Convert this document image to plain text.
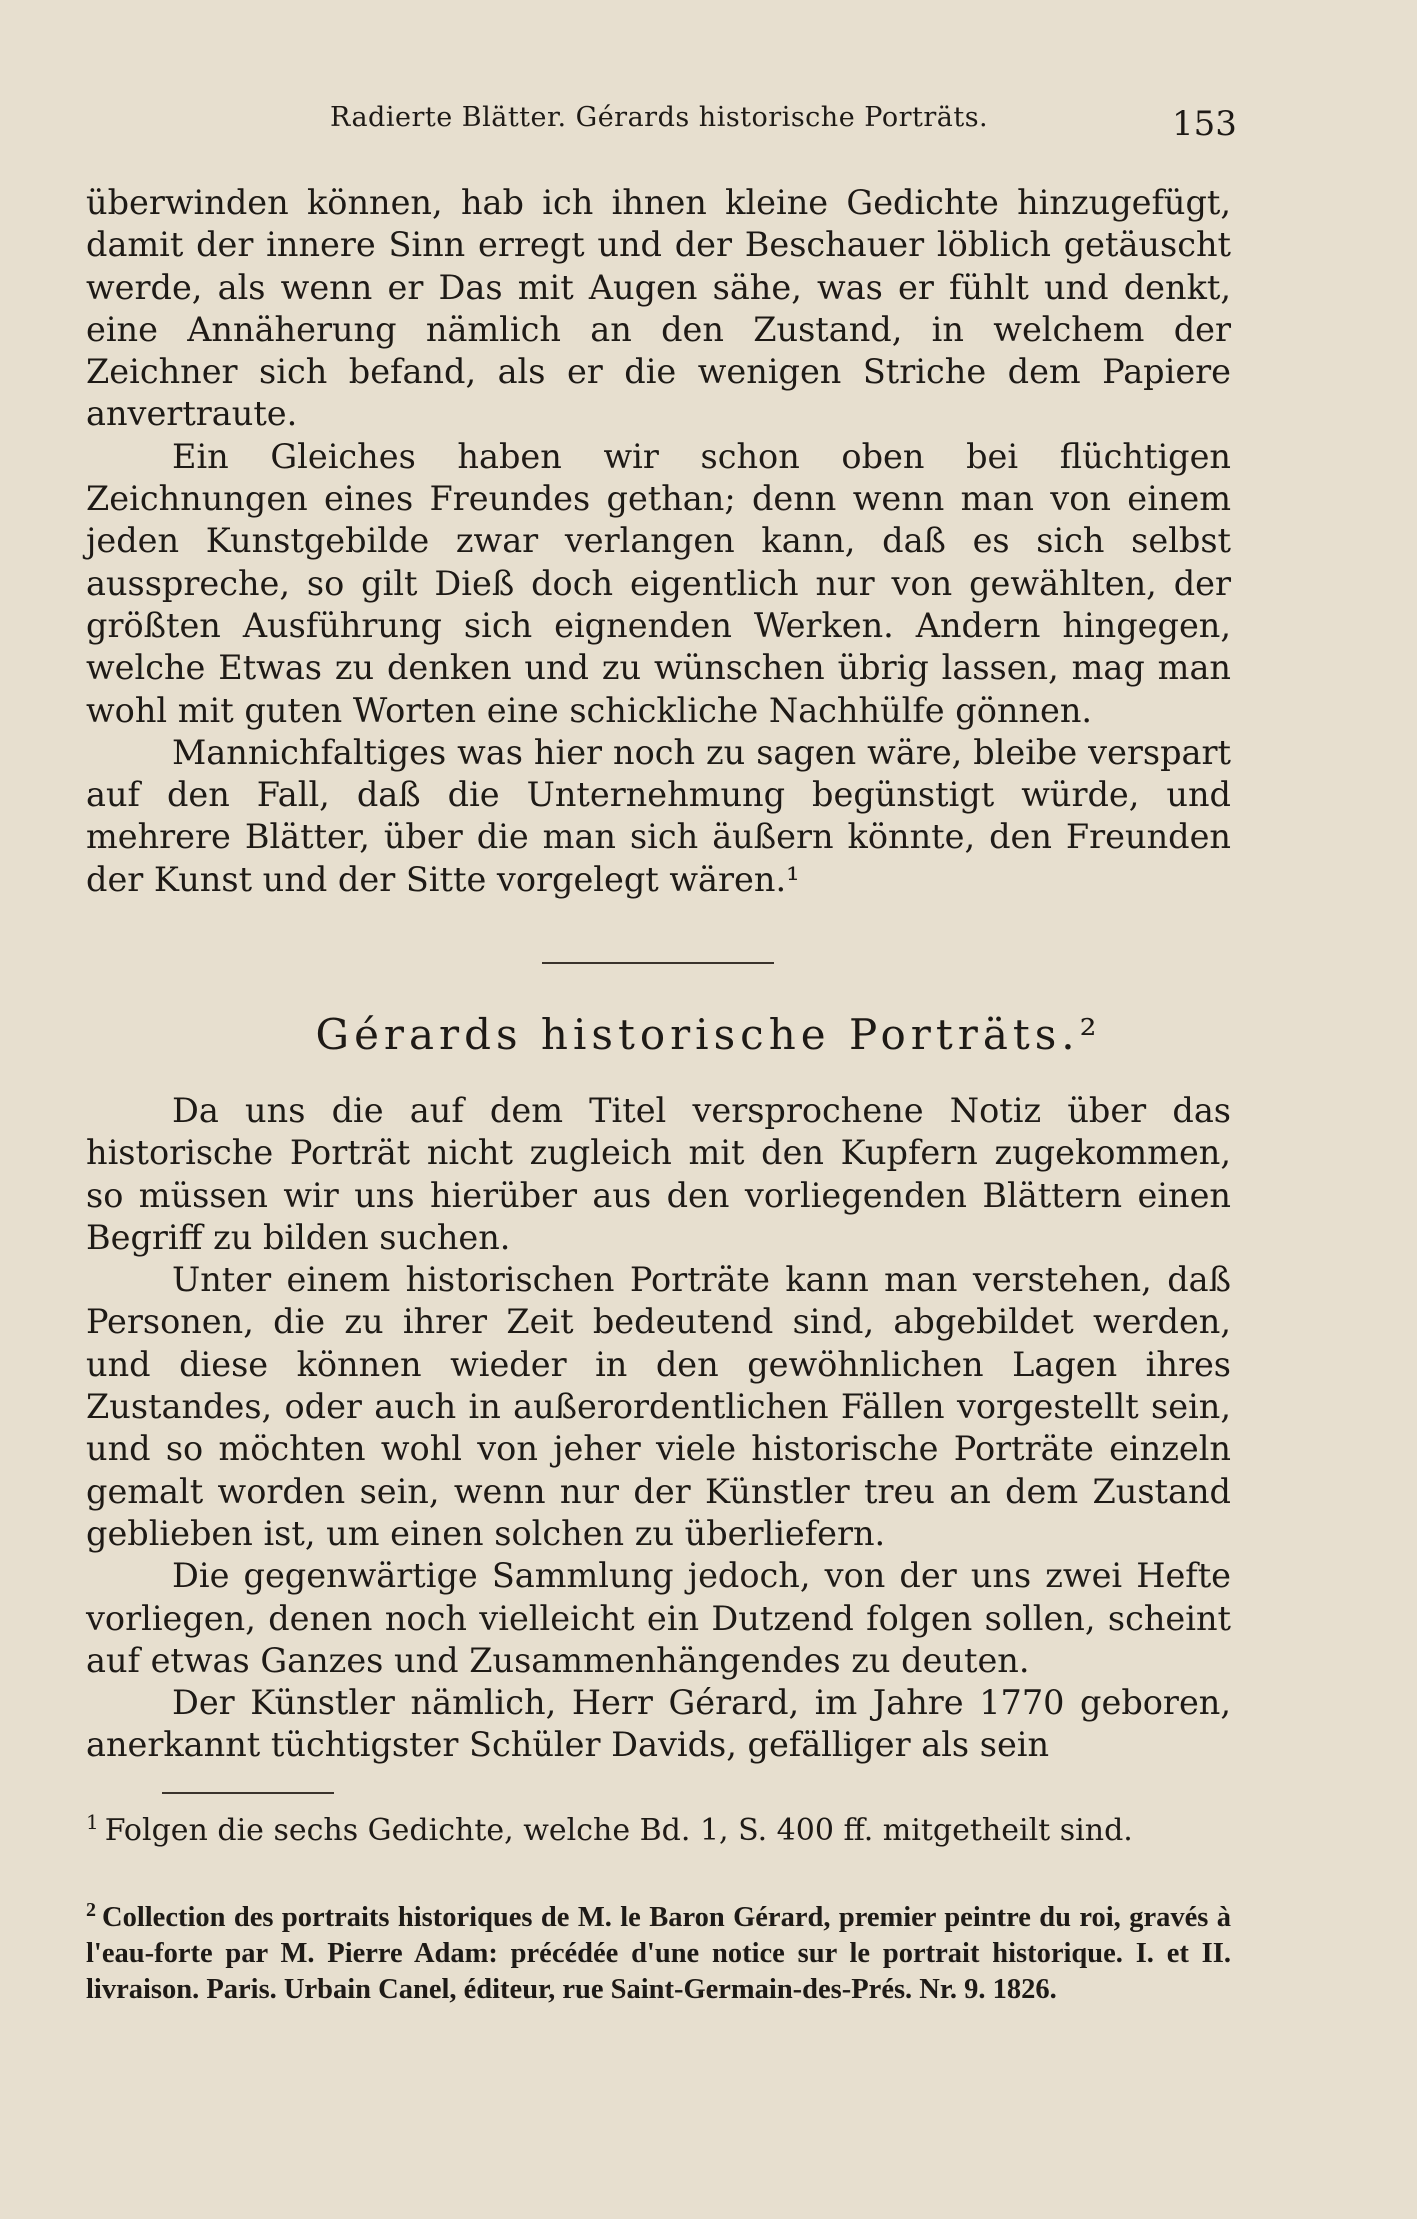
Radierte Blätter. Gérards historische Porträts.	153

überwinden können, hab ich ihnen kleine Gedichte hinzugefügt, damit der innere Sinn erregt und der Beschauer löblich getäuscht werde, als wenn er Das mit Augen sähe, was er fühlt und denkt, eine Annäherung nämlich an den Zustand, in welchem der Zeichner sich befand, als er die wenigen Striche dem Papiere anvertraute.

Ein Gleiches haben wir schon oben bei flüchtigen Zeichnungen eines Freundes gethan; denn wenn man von einem jeden Kunstgebilde zwar verlangen kann, daß es sich selbst ausspreche, so gilt Dieß doch eigentlich nur von gewählten, der größten Ausführung sich eignenden Werken. Andern hingegen, welche Etwas zu denken und zu wünschen übrig lassen, mag man wohl mit guten Worten eine schickliche Nachhülfe gönnen.

Mannichfaltiges was hier noch zu sagen wäre, bleibe verspart auf den Fall, daß die Unternehmung begünstigt würde, und mehrere Blätter, über die man sich äußern könnte, den Freunden der Kunst und der Sitte vorgelegt wären.¹

Gérards historische Porträts.²

Da uns die auf dem Titel versprochene Notiz über das historische Porträt nicht zugleich mit den Kupfern zugekommen, so müssen wir uns hierüber aus den vorliegenden Blättern einen Begriff zu bilden suchen.

Unter einem historischen Porträte kann man verstehen, daß Personen, die zu ihrer Zeit bedeutend sind, abgebildet werden, und diese können wieder in den gewöhnlichen Lagen ihres Zustandes, oder auch in außerordentlichen Fällen vorgestellt sein, und so möchten wohl von jeher viele historische Porträte einzeln gemalt worden sein, wenn nur der Künstler treu an dem Zustand geblieben ist, um einen solchen zu überliefern.

Die gegenwärtige Sammlung jedoch, von der uns zwei Hefte vorliegen, denen noch vielleicht ein Dutzend folgen sollen, scheint auf etwas Ganzes und Zusammenhängendes zu deuten.

Der Künstler nämlich, Herr Gérard, im Jahre 1770 geboren, anerkannt tüchtigster Schüler Davids, gefälliger als sein

$^1$ Folgen die sechs Gedichte, welche Bd. 1, S. 400 ff. mitgetheilt sind.

$^2$ Collection des portraits historiques de M. le Baron Gérard, premier peintre du roi, gravés à l'eau-forte par M. Pierre Adam: précédée d'une notice sur le portrait historique. I. et II. livraison. Paris. Urbain Canel, éditeur, rue Saint-Germain-des-Prés. Nr. 9. 1826.
